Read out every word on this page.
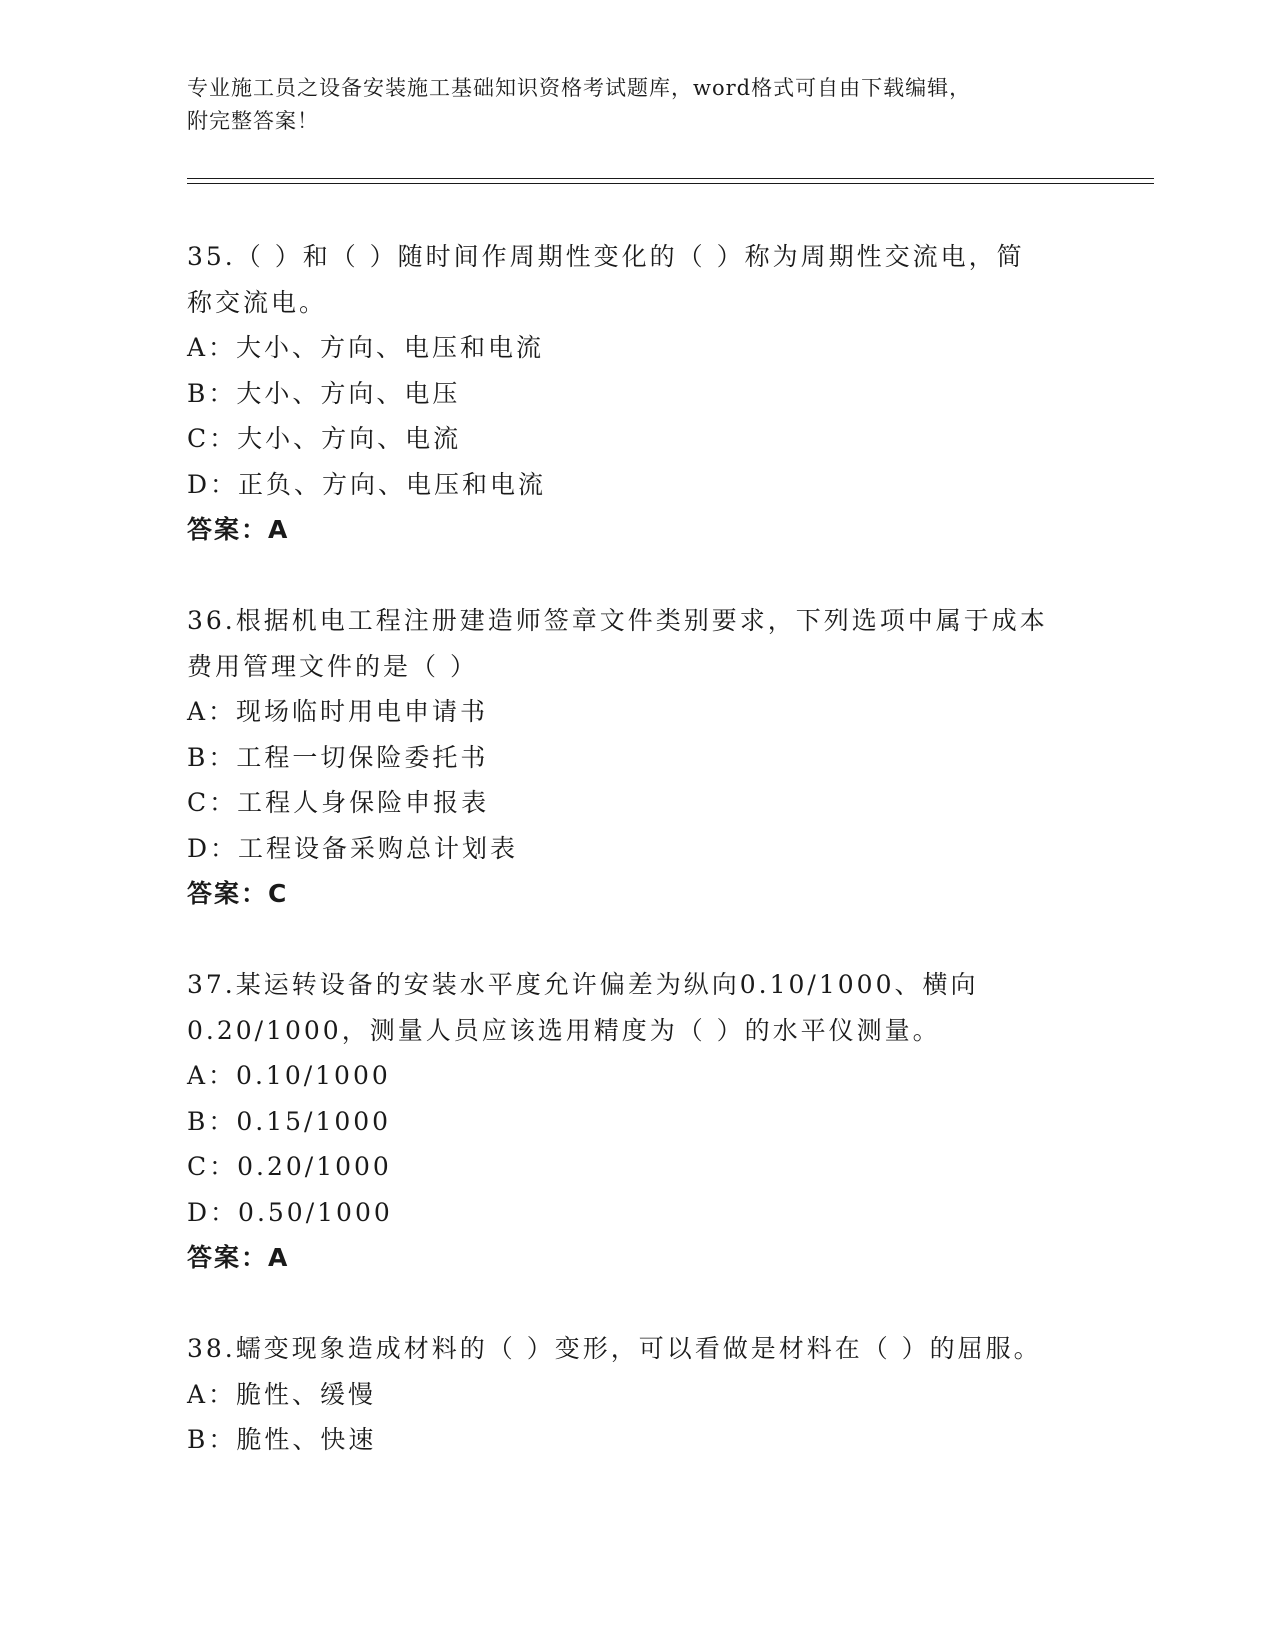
专业施工员之设备安装施工基础知识资格考试题库，word格式可自由下载编辑，
附完整答案！
35.（ ）和（ ）随时间作周期性变化的（ ）称为周期性交流电，简
称交流电。
A：大小、方向、电压和电流
B：大小、方向、电压
C：大小、方向、电流
D：正负、方向、电压和电流
答案：A
36.根据机电工程注册建造师签章文件类别要求，下列选项中属于成本
费用管理文件的是（ ）
A：现场临时用电申请书
B：工程一切保险委托书
C：工程人身保险申报表
D：工程设备采购总计划表
答案：C
37.某运转设备的安装水平度允许偏差为纵向0.10/1000、横向
0.20/1000，测量人员应该选用精度为（ ）的水平仪测量。
A：0.10/1000
B：0.15/1000
C：0.20/1000
D：0.50/1000
答案：A
38.蠕变现象造成材料的（ ）变形，可以看做是材料在（ ）的屈服。
A：脆性、缓慢
B：脆性、快速
